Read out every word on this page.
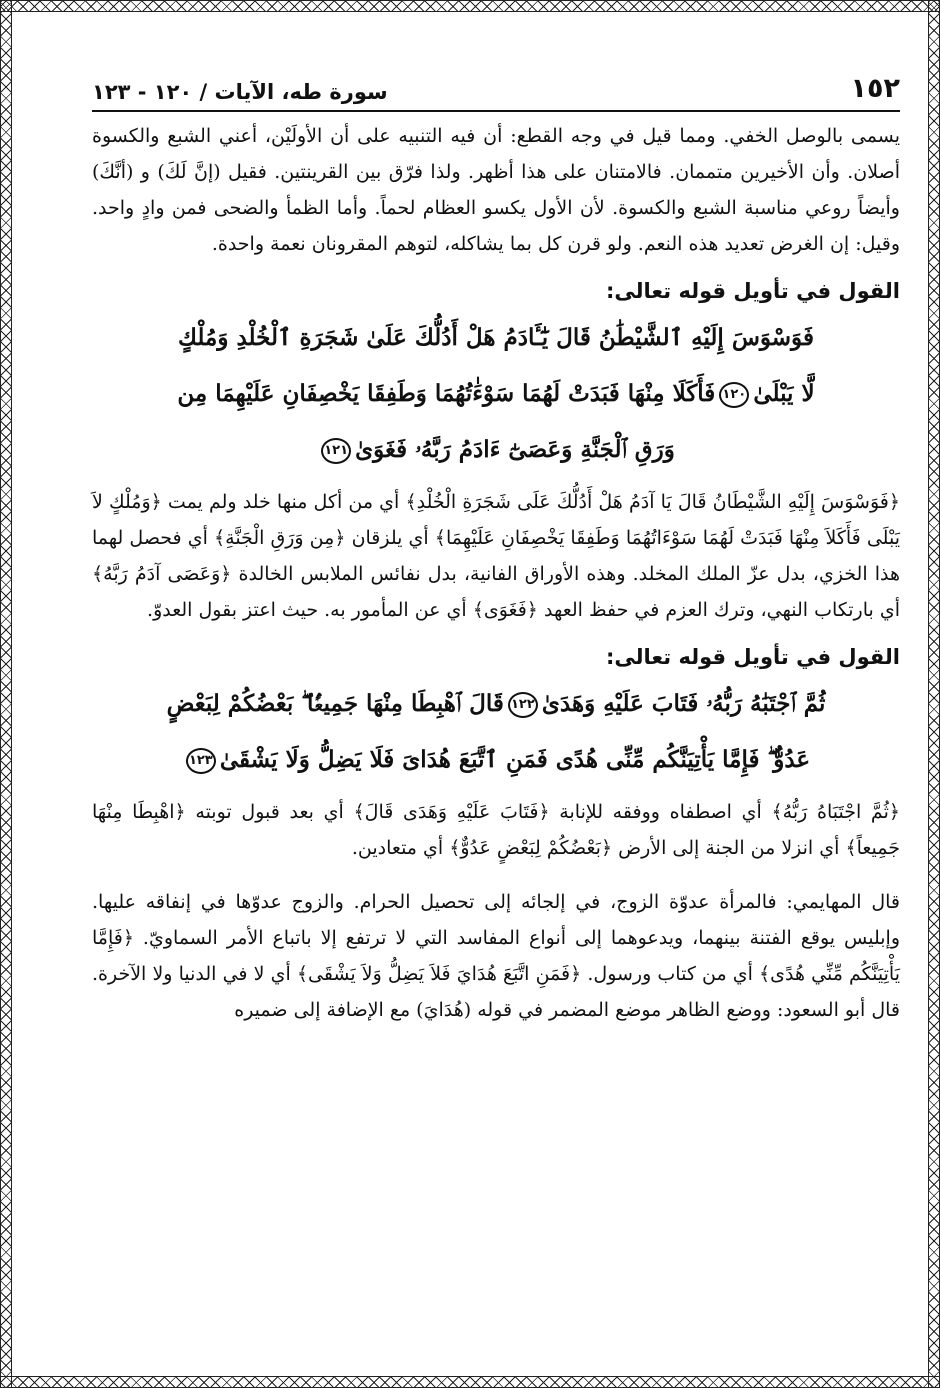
١٥٢
سورة طه، الآيات / ١٢٠ - ١٢٣

يسمى بالوصل الخفي. ومما قيل في وجه القطع: أن فيه التنبيه على أن الأولَيْن، أعني الشبع والكسوة أصلان. وأن الأخيرين متممان. فالامتنان على هذا أظهر. ولذا فرّق بين القرينتين. فقيل (إنَّ لَكَ) و (أنَّكَ) وأيضاً روعي مناسبة الشبع والكسوة. لأن الأول يكسو العظام لحماً. وأما الظمأ والضحى فمن وادٍ واحد. وقيل: إن الغرض تعديد هذه النعم. ولو قرن كل بما يشاكله، لتوهم المقرونان نعمة واحدة.

القول في تأويل قوله تعالى:
فَوَسْوَسَ إِلَيْهِ ٱلشَّيْطَٰنُ قَالَ يَٰٓـَٔادَمُ هَلْ أَدُلُّكَ عَلَىٰ شَجَرَةِ ٱلْخُلْدِ وَمُلْكٍ
لَّا يَبْلَىٰ١٢٠فَأَكَلَا مِنْهَا فَبَدَتْ لَهُمَا سَوْءَٰتُهُمَا وَطَفِقَا يَخْصِفَانِ عَلَيْهِمَا مِن
وَرَقِ ٱلْجَنَّةِ وَعَصَىٰٓ ءَادَمُ رَبَّهُۥ فَغَوَىٰ١٢١

﴿فَوَسْوَسَ إِلَيْهِ الشَّيْطَانُ قَالَ يَا آدَمُ هَلْ أَدُلُّكَ عَلَى شَجَرَةِ الْخُلْدِ﴾ أي من أكل منها خلد ولم يمت ﴿وَمُلْكٍ لاَ يَبْلَى فَأَكَلاَ مِنْهَا فَبَدَتْ لَهُمَا سَوْءَاتُهُمَا وَطَفِقَا يَخْصِفَانِ عَلَيْهِمَا﴾ أي يلزقان ﴿مِن وَرَقِ الْجَنَّةِ﴾ أي فحصل لهما هذا الخزي، بدل عزّ الملك المخلد. وهذه الأوراق الفانية، بدل نفائس الملابس الخالدة ﴿وَعَصَى آدَمُ رَبَّهُ﴾ أي بارتكاب النهي، وترك العزم في حفظ العهد ﴿فَغَوَى﴾ أي عن المأمور به. حيث اعتز بقول العدوّ.

القول في تأويل قوله تعالى:
ثُمَّ ٱجْتَبَٰهُ رَبُّهُۥ فَتَابَ عَلَيْهِ وَهَدَىٰ١٢٢قَالَ ٱهْبِطَا مِنْهَا جَمِيعًۢا ۖ بَعْضُكُمْ لِبَعْضٍ
عَدُوٌّ ۖ فَإِمَّا يَأْتِيَنَّكُم مِّنِّى هُدًى فَمَنِ ٱتَّبَعَ هُدَاىَ فَلَا يَضِلُّ وَلَا يَشْقَىٰ١٢٣

﴿ثُمَّ اجْتَبَاهُ رَبُّهُ﴾ أي اصطفاه ووفقه للإنابة ﴿فَتَابَ عَلَيْهِ وَهَدَى قَالَ﴾ أي بعد قبول توبته ﴿اهْبِطَا مِنْهَا جَمِيعاً﴾ أي انزلا من الجنة إلى الأرض ﴿بَعْضُكُمْ لِبَعْضٍ عَدُوٌّ﴾ أي متعادين.

قال المهايمي: فالمرأة عدوّة الزوج، في إلجائه إلى تحصيل الحرام. والزوج عدوّها في إنفاقه عليها. وإبليس يوقع الفتنة بينهما، ويدعوهما إلى أنواع المفاسد التي لا ترتفع إلا باتباع الأمر السماويّ. ﴿فَإِمَّا يَأْتِيَنَّكُم مِّنِّي هُدًى﴾ أي من كتاب ورسول. ﴿فَمَنِ اتَّبَعَ هُدَايَ فَلاَ يَضِلُّ وَلاَ يَشْقَى﴾ أي لا في الدنيا ولا الآخرة. قال أبو السعود: ووضع الظاهر موضع المضمر في قوله (هُدَايَ) مع الإضافة إلى ضميره
